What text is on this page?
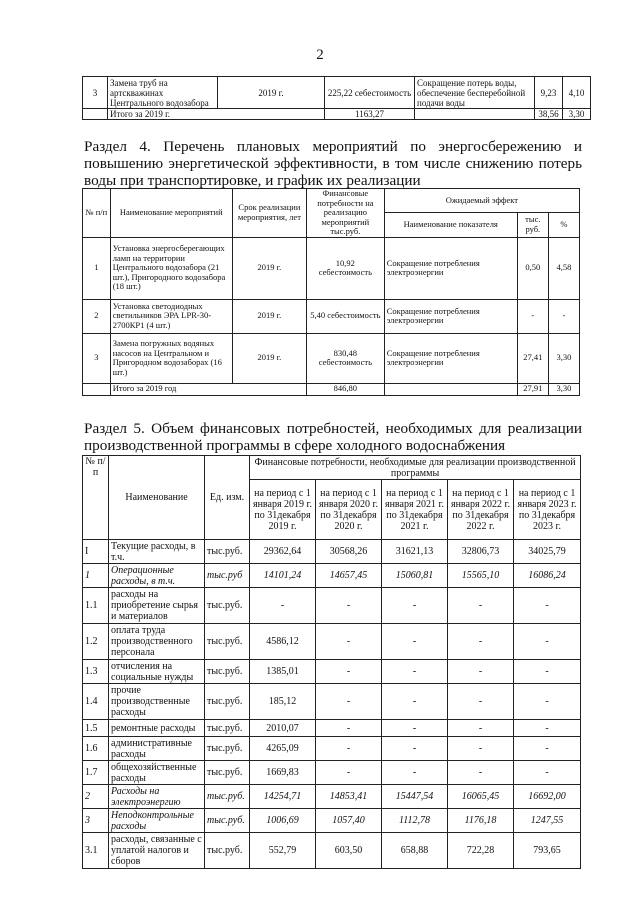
2
3	Замена труб на артскважинах Центрального водозабора	2019 г.	225,22 себестоимость	Сокращение потерь воды, обеспечение бесперебойной подачи воды	9,23	4,10
	Итого за 2019 г.		1163,27		38,56	3,30
Раздел 4. Перечень плановых мероприятий по энергосбережению и повышению энергетической эффективности, в том числе снижению потерь воды при транспортировке, и график их реализации
№ п/п	Наименование мероприятий	Срок реализации мероприятия, лет	Финансовые потребности на реализацию мероприятий тыс.руб.	Ожидаемый эффект		
				Наименование показателя	тыс. руб.	%
1	Установка энергосберегающих ламп на территории Центрального водозабора (21 шт.), Пригородного водозабора (18 шт.)	2019 г.	10,92 себестоимость	Сокращение потребления электроэнергии	0,50	4,58
2	Установка светодиодных светильников ЭРА LPR-30-2700КР1 (4 шт.)	2019 г.	5,40 себестоимость	Сокращение потребления электроэнергии	-	-
3	Замена погружных водяных насосов на Центральном и Пригородном водозаборах (16 шт.)	2019 г.	830,48 себестоимость	Сокращение потребления электроэнергии	27,41	3,30
	Итого за 2019 год		846,80		27,91	3,30
Раздел 5. Объем финансовых потребностей, необходимых для реализации производственной программы в сфере холодного водоснабжения
№ п/п	Наименование	Ед. изм.	Финансовые потребности, необходимые для реализации производственной программы				
			на период с 1 января 2019 г. по 31декабря 2019 г.	на период с 1 января 2020 г. по 31декабря 2020 г.	на период с 1 января 2021 г. по 31декабря 2021 г.	на период с 1 января 2022 г. по 31декабря 2022 г.	на период с 1 января 2023 г. по 31декабря 2023 г.
I	Текущие расходы, в т.ч.	тыс.руб.	29362,64	30568,26	31621,13	32806,73	34025,79
1	Операционные расходы, в т.ч.	тыс.руб	14101,24	14657,45	15060,81	15565,10	16086,24
1.1	расходы на приобретение сырья и материалов	тыс.руб.	-	-	-	-	-
1.2	оплата труда производственного персонала	тыс.руб.	4586,12	-	-	-	-
1.3	отчисления на социальные нужды	тыс.руб.	1385,01	-	-	-	-
1.4	прочие производственные расходы	тыс.руб.	185,12	-	-	-	-
1.5	ремонтные расходы	тыс.руб.	2010,07	-	-	-	-
1.6	административные расходы	тыс.руб.	4265,09	-	-	-	-
1.7	общехозяйственные расходы	тыс.руб.	1669,83	-	-	-	-
2	Расходы на электроэнергию	тыс.руб.	14254,71	14853,41	15447,54	16065,45	16692,00
3	Неподконтрольные расходы	тыс.руб.	1006,69	1057,40	1112,78	1176,18	1247,55
3.1	расходы, связанные с уплатой налогов и сборов	тыс.руб.	552,79	603,50	658,88	722,28	793,65
